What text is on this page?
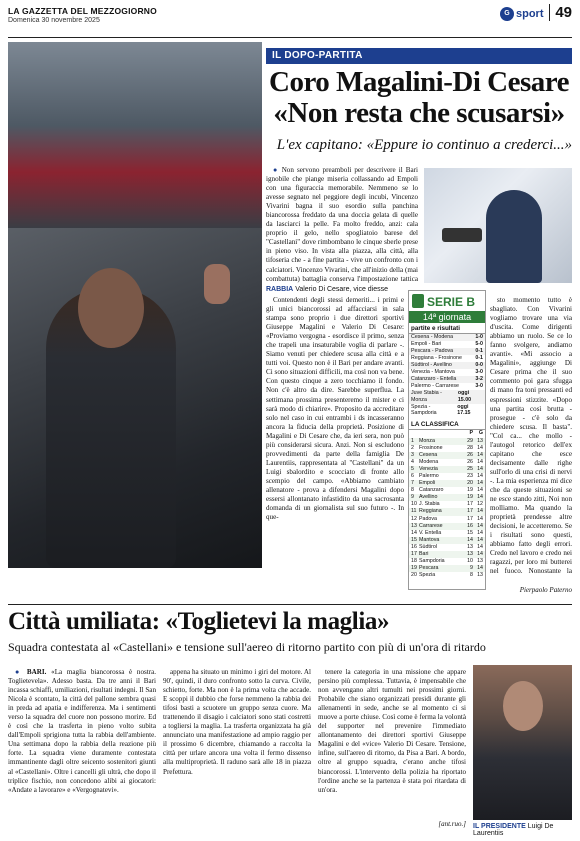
LA GAZZETTA DEL MEZZOGIORNO
Domenica 30 novembre 2025
G sport 49
IL DOPO-PARTITA
Coro Magalini-Di Cesare
«Non resta che scusarsi»
L'ex capitano: «Eppure io continuo a crederci...»
RABBIA Valerio Di Cesare, vice diesse
SERIE B
14ª giornata
partite e risultati
Cesena - Modena	1-0
Empoli - Bari	5-0
Pescara - Padova	0-1
Reggiana - Frosinone	0-1
Südtirol - Avellino	0-0
Venezia - Mantova	3-0
Catanzaro - Entella	3-2
Palermo - Carrarese	3-0
Juve Stabia - Monza
oggi 15.00
Spezia - Sampdoria
oggi 17.15
LA CLASSIFICA
P	G
1 Monza	29 13
2 Frosinone	28 14
3 Cesena	26 14
4 Modena	26 14
5 Venezia	25 14
6 Palermo	23 14
7 Empoli	20 14
8 Catanzaro	19 14
9 Avellino	19 14
10 J. Stabia	17 12
11 Reggiana	17 14
12 Padova	17 14
13 Carrarese	16 14
14 V. Entella	15 14
15 Mantova	14 14
16 Südtirol	13 14
17 Bari	13 14
18 Sampdoria	10 13
19 Pescara	9 14
20 Spezia	8 13

sto momento tutto è sbagliato. Con Vivarini vogliamo trovare una via d'uscita. Come dirigenti abbiamo un ruolo. Se ce lo fanno svolgere, andiamo avanti». «Mi associo a Magalini», aggiunge Di Cesare prima che il suo commento poi gara sfugga di mano fra toni pressanti ed espressioni stizzite. «Dopo una partita così brutta - prosegue - c'è solo da chiedere scusa. Il basta". "Col ca... che mollo - l'autogol retorico dell'ex capitano che esce decisamente dalle righe sull'orlo di una crisi di nervi -. La mia esperienza mi dice che da queste situazioni se ne esce stando zitti, Noi non molliamo. Ma quando la proprietà prendesse altre decisioni, le accetteremo. Se i risultati sono questi, abbiamo fatto degli errori. Credo nel lavoro e credo nei ragazzi, per loro mi butterei nel fuoco. Nonostante la

Pierpaolo Paterno
Città umiliata: «Toglietevi la maglia»
Squadra contestata al «Castellani» e tensione sull'aereo di ritorno partito con più di un'ora di ritardo

● BARI. «La maglia biancorossa è nostra. Toglietevela». Adesso basta. Da tre anni il Bari incassa schiaffi, umiliazioni, risultati indegni. Il San Nicola è scontato, la città del pallone sembra quasi in preda ad apatia e indifferenza. Ma i sentimenti verso la squadra del cuore non possono morire. Ed è così che la trasferta in pieno volto subita dall'Empoli sprigiona tutta la rabbia dell'ambiente. Una settimana dopo la rabbia della reazione più forte. La squadra viene duramente contestata immantinente dagli oltre seicento sostenitori giunti al «Castellani». Oltre i cancelli gli ultrà, che dopo il triplice fischio, non concedono alibi ai giocatori: «Andate a lavorare» e «Vergognatevi».

appena ha situato un minimo i giri del motore. Al 90', quindi, il duro confronto sotto la curva. Civile, schietto, forte. Ma non è la prima volta che accade. E scoppi il dubbio che forse nemmeno la rabbia dei tifosi basti a scuotere un gruppo senza cuore. Ma trattenendo il disagio i calciatori sono stati costretti a togliersi la maglia. La trasferta organizzata ha già annunciato una manifestazione ad ampio raggio per il prossimo 6 dicembre, chiamando a raccolta la città per urlare ancora una volta il fermo dissenso alla multiproprietà. Il radunо sarà alle 18 in piazza Prefettura.

tenere la categoria in una missione che appare persino più complessa. Tuttavia, è impensabile che non avvengano altri tumulti nei prossimi giorni. Probabile che siano organizzati presidi durante gli allenamenti in sede, anche se al momento ci si muove a porte chiuse. Così come è ferma la volontà del supporter nel prevenire l'immediato allontanamento dei direttori sportivi Giuseppe Magalini e del «vice» Valerio Di Cesare. Tensione, infine, sull'aereo di ritorno, da Pisa a Bari. A bordo, oltre al gruppo squadra, c'erano anche tifosi biancorossi. L'intervento della polizia ha riportato l'ordine anche se la partenza è stata poi ritardata di un'ora.

[ant.ruo.] IL PRESIDENTE Luigi De Laurentiis

Contendenti degli stessi demeriti... i primi e gli unici biancorossi ad affacciarsi in sala stampa sono proprio i due direttori sportivi Giuseppe Magalini e Valerio Di Cesare: «Proviamo vergogna - esordisce il primo, senza che trapeli una insaturabile voglia di parlare -. Siamo venuti per chiedere scusa alla città e a tutti voi. Questo non è il Bari per andare avanti. Ci sono situazioni difficili, ma così non va bene. Con questo cinque a zero tocchiamo il fondo. Non c'è altro da dire. Sarebbe superflua. La settimana prossima presenteremo il mister e ci sarà modo di chiarire». Proposito da accreditare solo nel caso in cui entrambi i ds incasseranno ancora la fiducia della proprietà. Posizione di Magalini e Di Cesare che, da ieri sera, non può più considerarsi sicura. Anzi. Non si escludono provvedimenti da parte della famiglia De Laurentiis, rappresentata al "Castellani" da un Luigi sbalordito e scocciato di fronte allo scempio del campo. «Abbiamo cambiato allenatore - prova a difendersi Magalini dopo essersi allontanato infastidito da una sacrosanta domanda di un giornalista sul suo futuro -. In que-

● Non servono preamboli per descrivere il Bari ignobile che piange miseria collassando ad Empoli con una figuraccia memorabile. Nemmeno se lo avesse segnato nel peggiore degli incubi, Vincenzo Vivarini bagna il suo esordio sulla panchina biancorossa freddato da una doccia gelata di quelle da lasciarci la pelle. Fa molto freddo, anzi: cala proprio il gelo, nello spogliatoio barese del "Castellani" dove rimbombano le cinque sberle prese in pieno viso. In vista alla piazza, alla città, alla tifoseria che - a fine partita - vive un confronto con i calciatori. Vincenzo Vivarini, che all'inizio della (mai combattuta) battaglia conserva l'impostazione tattica
